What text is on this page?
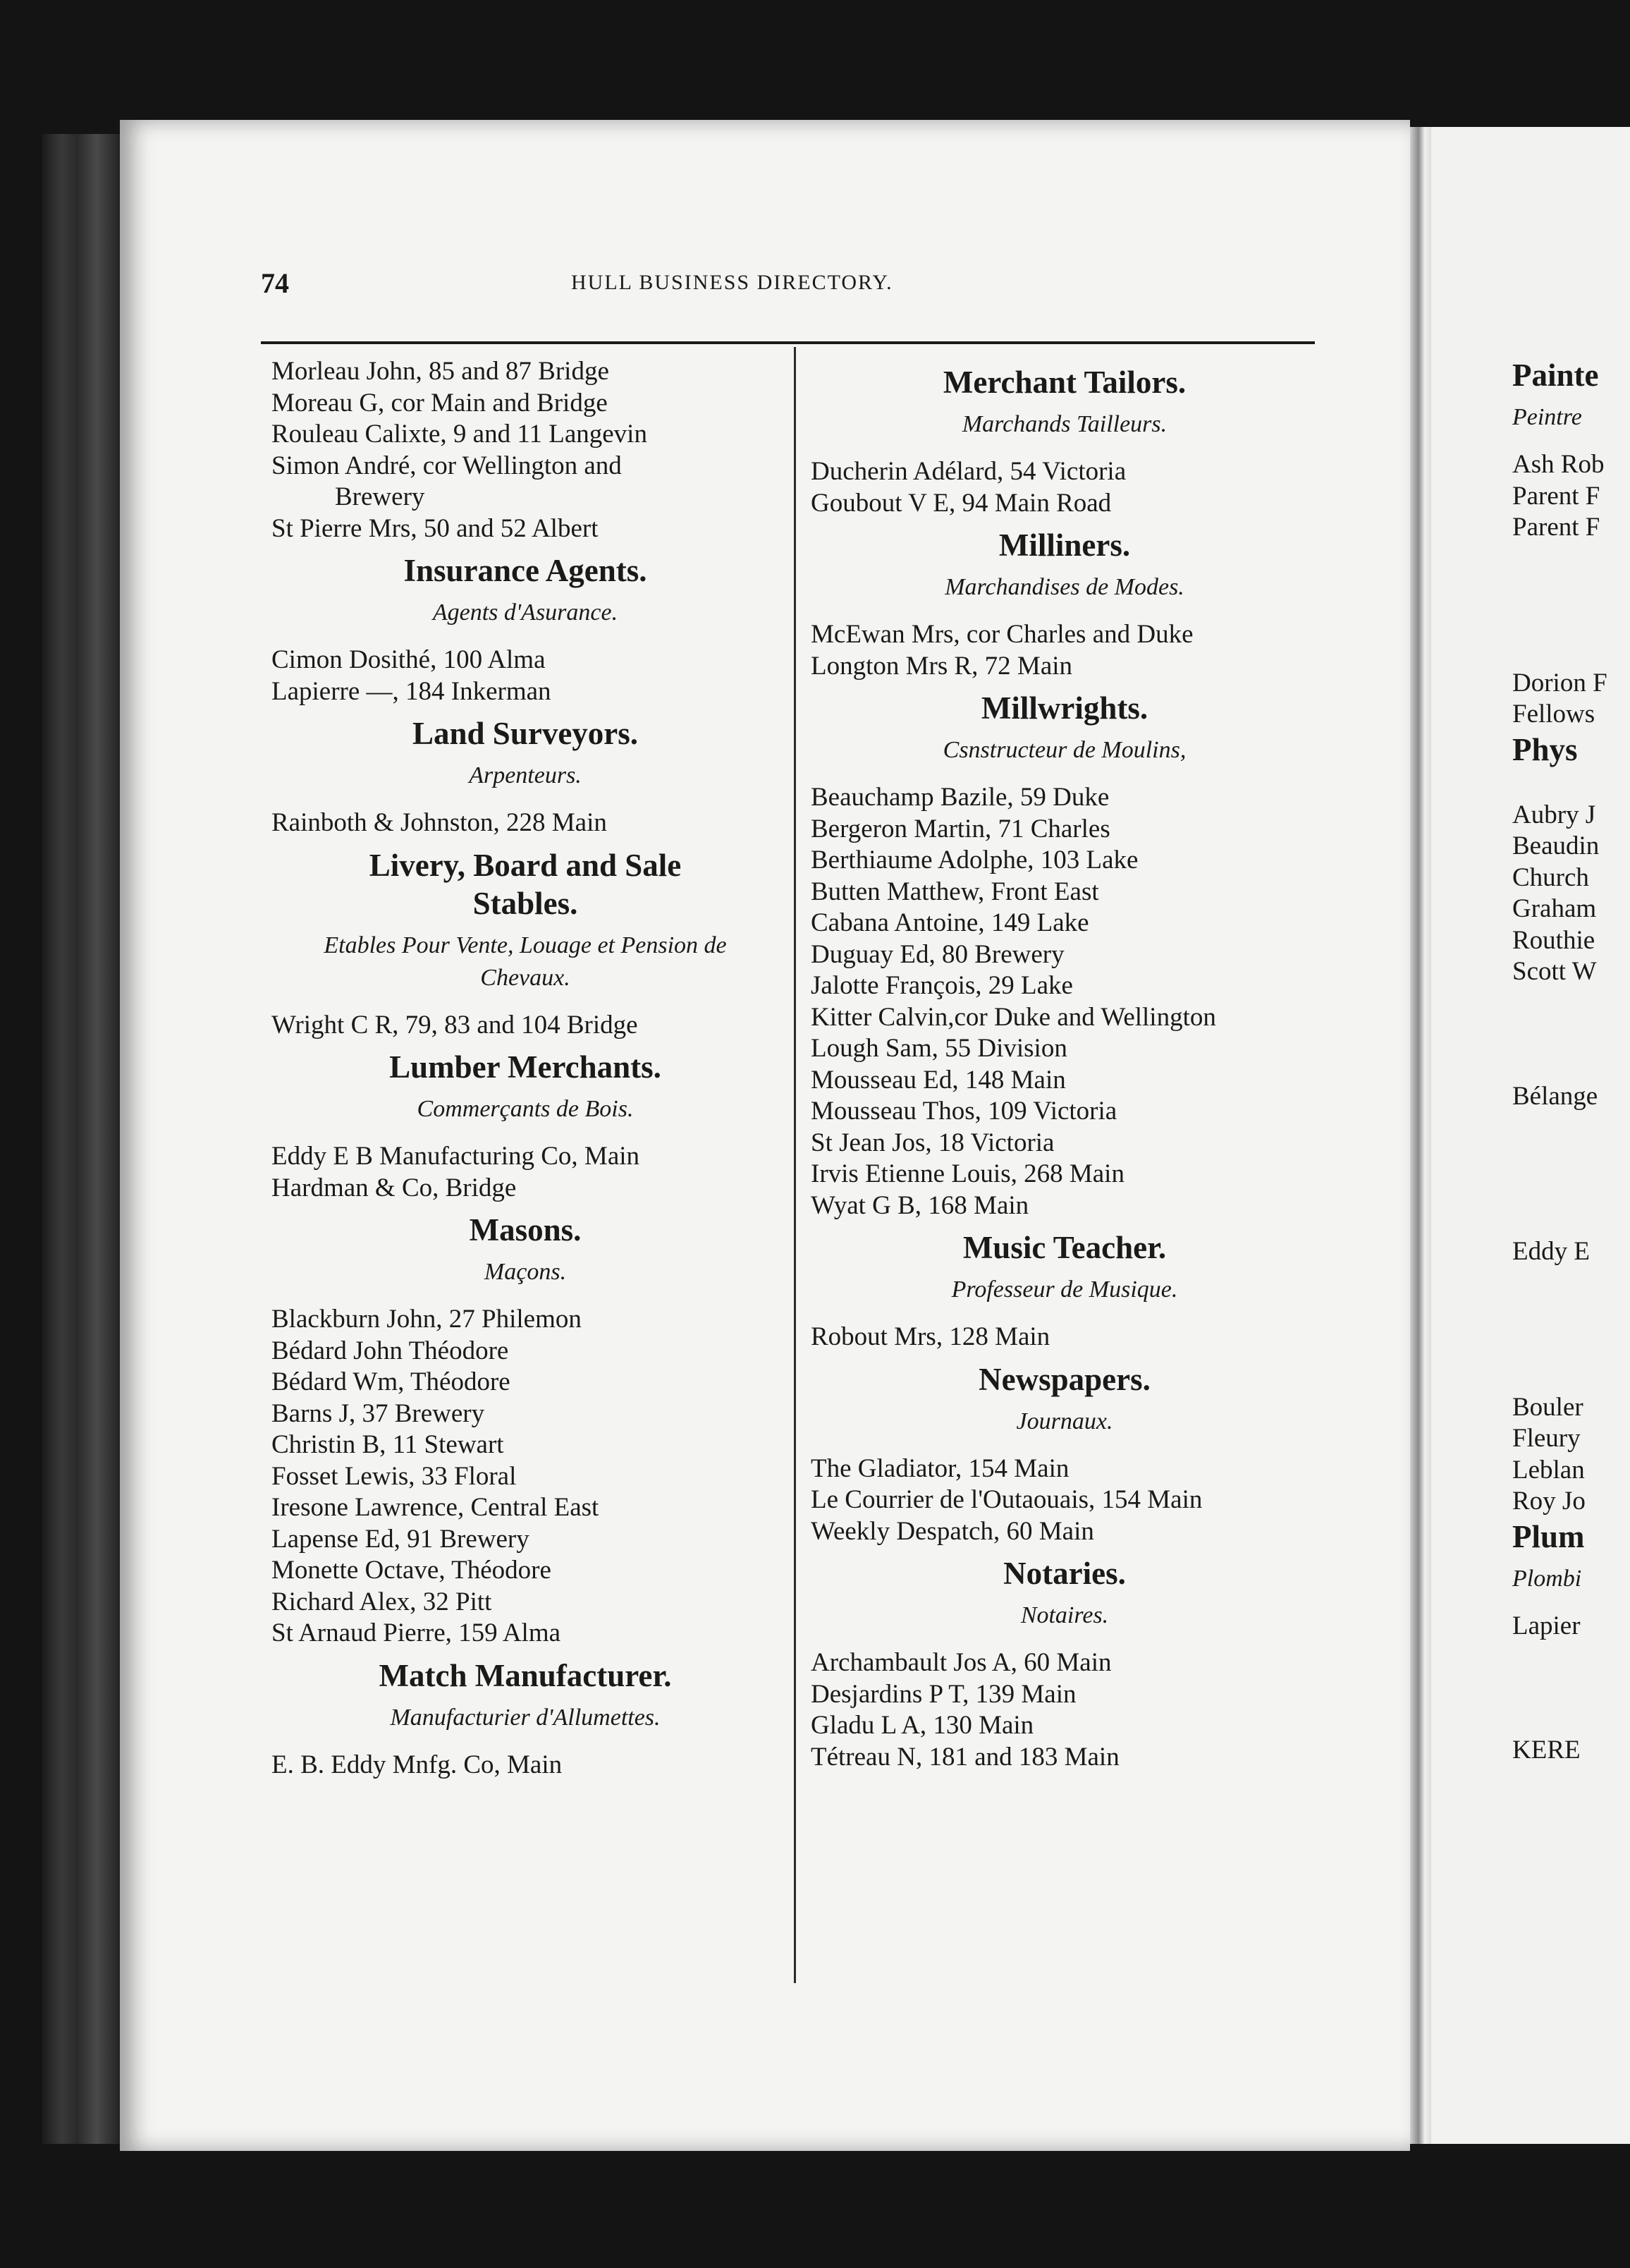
74	HULL BUSINESS DIRECTORY.
Morleau John, 85 and 87 Bridge
Moreau G, cor Main and Bridge
Rouleau Calixte, 9 and 11 Langevin
Simon André, cor Wellington and
Brewery
St Pierre Mrs, 50 and 52 Albert
Insurance Agents.
Agents d'Asurance.
Cimon Dosithé, 100 Alma
Lapierre —, 184 Inkerman
Land Surveyors.
Arpenteurs.
Rainboth & Johnston, 228 Main
Livery, Board and Sale
Stables.
Etables Pour Vente, Louage et Pension de
Chevaux.
Wright C R, 79, 83 and 104 Bridge
Lumber Merchants.
Commerçants de Bois.
Eddy E B Manufacturing Co, Main
Hardman & Co, Bridge
Masons.
Maçons.
Blackburn John, 27 Philemon
Bédard John Théodore
Bédard Wm, Théodore
Barns J, 37 Brewery
Christin B, 11 Stewart
Fosset Lewis, 33 Floral
Iresone Lawrence, Central East
Lapense Ed, 91 Brewery
Monette Octave, Théodore
Richard Alex, 32 Pitt
St Arnaud Pierre, 159 Alma
Match Manufacturer.
Manufacturier d'Allumettes.
E. B. Eddy Mnfg. Co, Main
Merchant Tailors.
Marchands Tailleurs.
Ducherin Adélard, 54 Victoria
Goubout V E, 94 Main Road
Milliners.
Marchandises de Modes.
McEwan Mrs, cor Charles and Duke
Longton Mrs R, 72 Main
Millwrights.
Csnstructeur de Moulins,
Beauchamp Bazile, 59 Duke
Bergeron Martin, 71 Charles
Berthiaume Adolphe, 103 Lake
Butten Matthew, Front East
Cabana Antoine, 149 Lake
Duguay Ed, 80 Brewery
Jalotte François, 29 Lake
Kitter Calvin,cor Duke and Wellington
Lough Sam, 55 Division
Mousseau Ed, 148 Main
Mousseau Thos, 109 Victoria
St Jean Jos, 18 Victoria
Irvis Etienne Louis, 268 Main
Wyat G B, 168 Main
Music Teacher.
Professeur de Musique.
Robout Mrs, 128 Main
Newspapers.
Journaux.
The Gladiator, 154 Main
Le Courrier de l'Outaouais, 154 Main
Weekly Despatch, 60 Main
Notaries.
Notaires.
Archambault Jos A, 60 Main
Desjardins P T, 139 Main
Gladu L A, 130 Main
Tétreau N, 181 and 183 Main
Painte
Peintre
Ash Rob
Parent F
Parent F
Dorion F
Fellows
Phys
Aubry J
Beaudin
Church
Graham
Routhie
Scott W
Bélange
Eddy E
Bouler
Fleury
Leblan
Roy Jo
Plum
Plombi
Lapier
KERE
